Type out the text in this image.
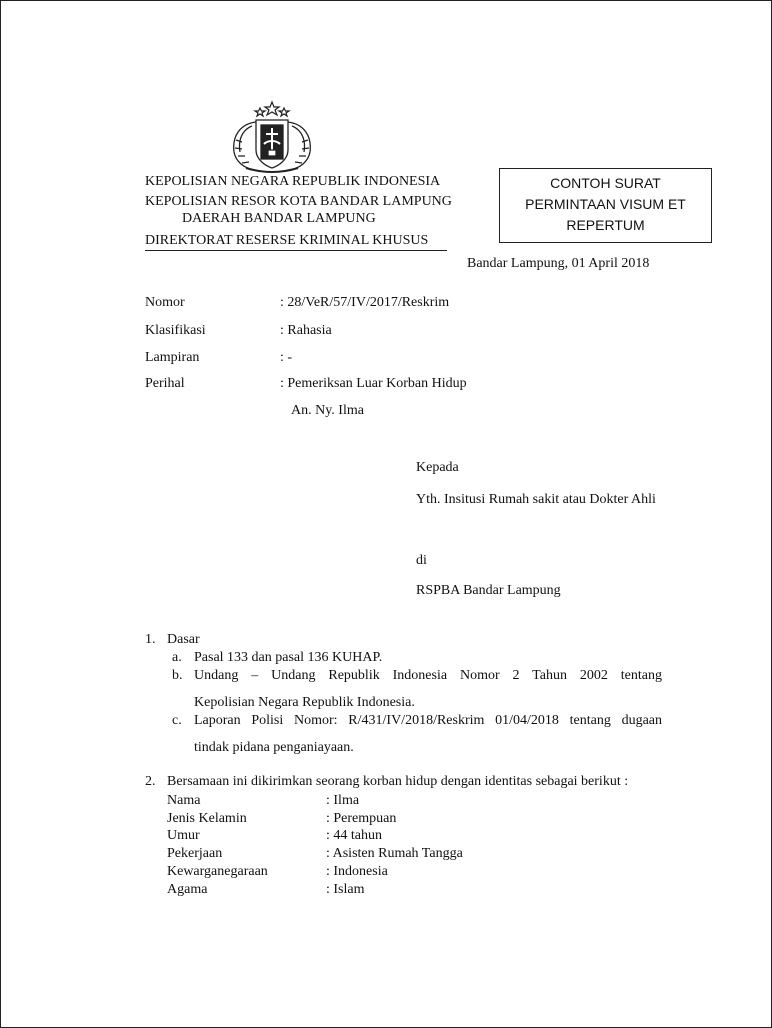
KEPOLISIAN NEGARA REPUBLIK INDONESIA
KEPOLISIAN RESOR KOTA BANDAR LAMPUNG
DAERAH BANDAR LAMPUNG
DIREKTORAT RESERSE KRIMINAL KHUSUS
CONTOH SURAT
PERMINTAAN VISUM ET
REPERTUM
Bandar Lampung, 01 April 2018
Nomor	: 28/VeR/57/IV/2017/Reskrim
Klasifikasi	: Rahasia
Lampiran	: -
Perihal	: Pemeriksan Luar Korban Hidup
An. Ny. Ilma
Kepada
Yth. Insitusi Rumah sakit atau Dokter Ahli
di
RSPBA Bandar Lampung
1. Dasar
a. Pasal 133 dan pasal 136 KUHAP.
b. Undang – Undang Republik Indonesia Nomor 2 Tahun 2002 tentang
Kepolisian Negara Republik Indonesia.
c. Laporan Polisi Nomor: R/431/IV/2018/Reskrim 01/04/2018 tentang dugaan
tindak pidana penganiayaan.
2. Bersamaan ini dikirimkan seorang korban hidup dengan identitas sebagai berikut :
Nama	: Ilma
Jenis Kelamin	: Perempuan
Umur	: 44 tahun
Pekerjaan	: Asisten Rumah Tangga
Kewarganegaraan	: Indonesia
Agama	: Islam
